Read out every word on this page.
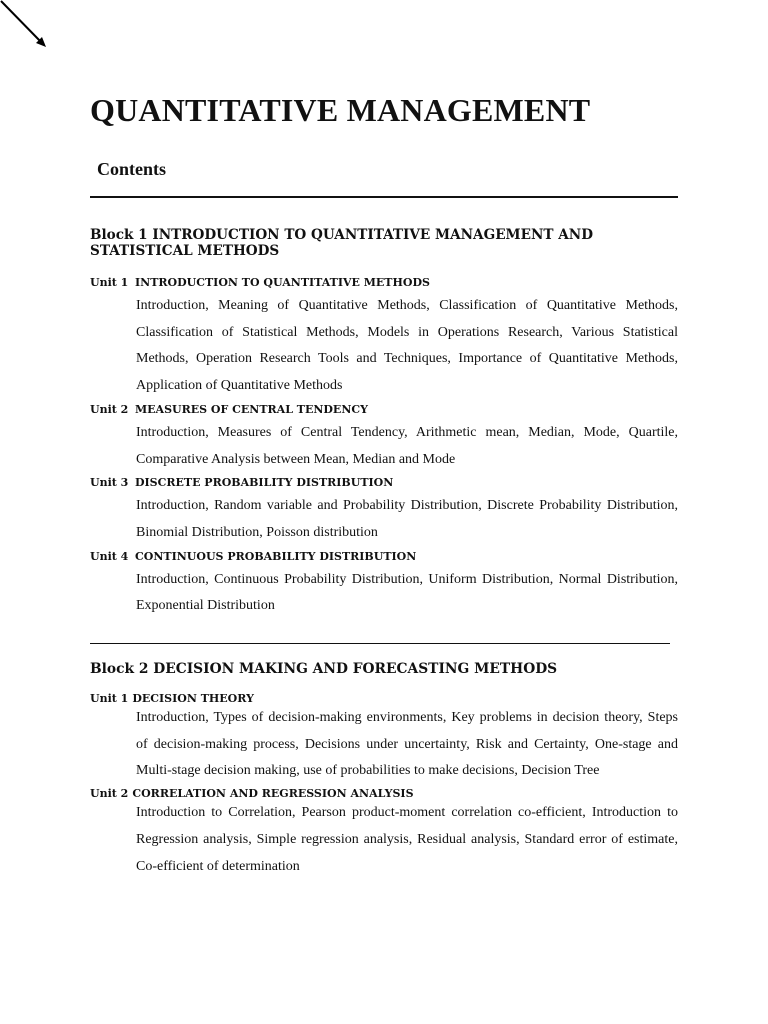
QUANTITATIVE MANAGEMENT
Contents
Block 1 INTRODUCTION TO QUANTITATIVE MANAGEMENT AND STATISTICAL METHODS

Unit 1 INTRODUCTION TO QUANTITATIVE METHODS

Introduction, Meaning of Quantitative Methods, Classification of Quantitative Methods, Classification of Statistical Methods, Models in Operations Research, Various Statistical Methods, Operation Research Tools and Techniques, Importance of Quantitative Methods, Application of Quantitative Methods

Unit 2 MEASURES OF CENTRAL TENDENCY

Introduction, Measures of Central Tendency, Arithmetic mean, Median, Mode, Quartile, Comparative Analysis between Mean, Median and Mode

Unit 3 DISCRETE PROBABILITY DISTRIBUTION

Introduction, Random variable and Probability Distribution, Discrete Probability Distribution, Binomial Distribution, Poisson distribution

Unit 4 CONTINUOUS PROBABILITY DISTRIBUTION

Introduction, Continuous Probability Distribution, Uniform Distribution, Normal Distribution, Exponential Distribution

Block 2 DECISION MAKING AND FORECASTING METHODS

Unit 1 DECISION THEORY

Introduction, Types of decision-making environments, Key problems in decision theory, Steps of decision-making process, Decisions under uncertainty, Risk and Certainty, One-stage and Multi-stage decision making, use of probabilities to make decisions, Decision Tree

Unit 2 CORRELATION AND REGRESSION ANALYSIS

Introduction to Correlation, Pearson product-moment correlation co-efficient, Introduction to Regression analysis, Simple regression analysis, Residual analysis, Standard error of estimate, Co-efficient of determination
